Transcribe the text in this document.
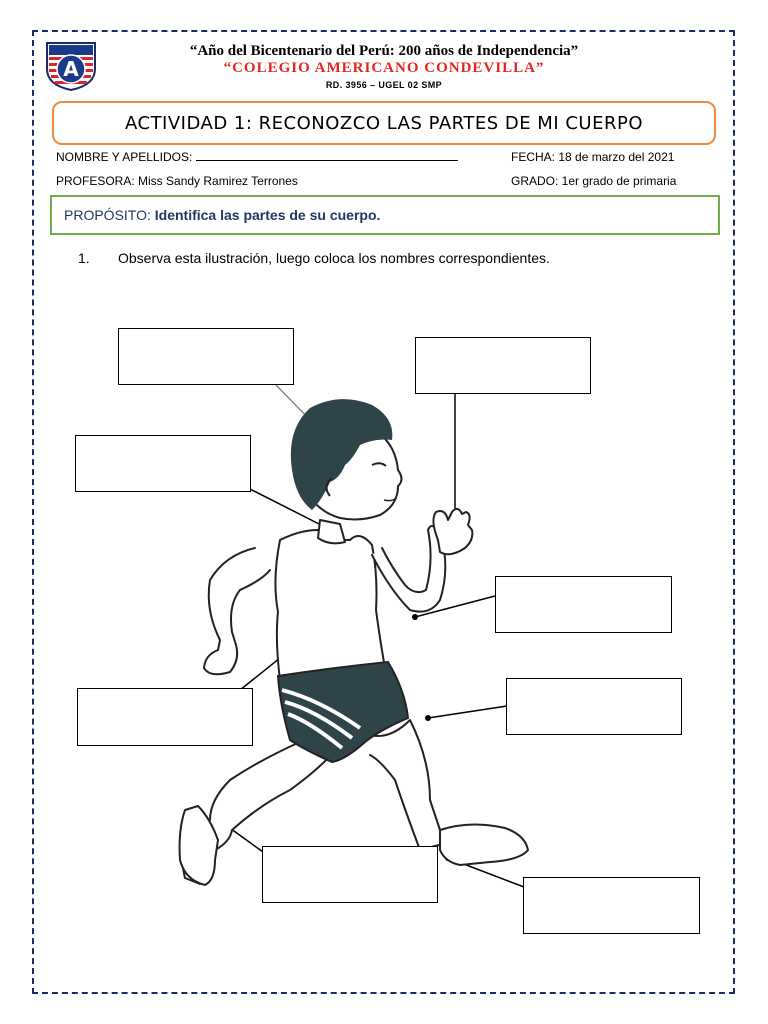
A
“Año del Bicentenario del Perú: 200 años de Independencia”
“COLEGIO AMERICANO CONDEVILLA”
RD. 3956 – UGEL 02 SMP
ACTIVIDAD 1: RECONOZCO LAS PARTES DE MI CUERPO
NOMBRE Y APELLIDOS:	FECHA: 18 de marzo del 2021
PROFESORA: Miss Sandy Ramirez Terrones	GRADO: 1er grado de primaria
PROPÓSITO:
Identifica las partes de su cuerpo.
1. Observa esta ilustración, luego coloca los nombres correspondientes.
